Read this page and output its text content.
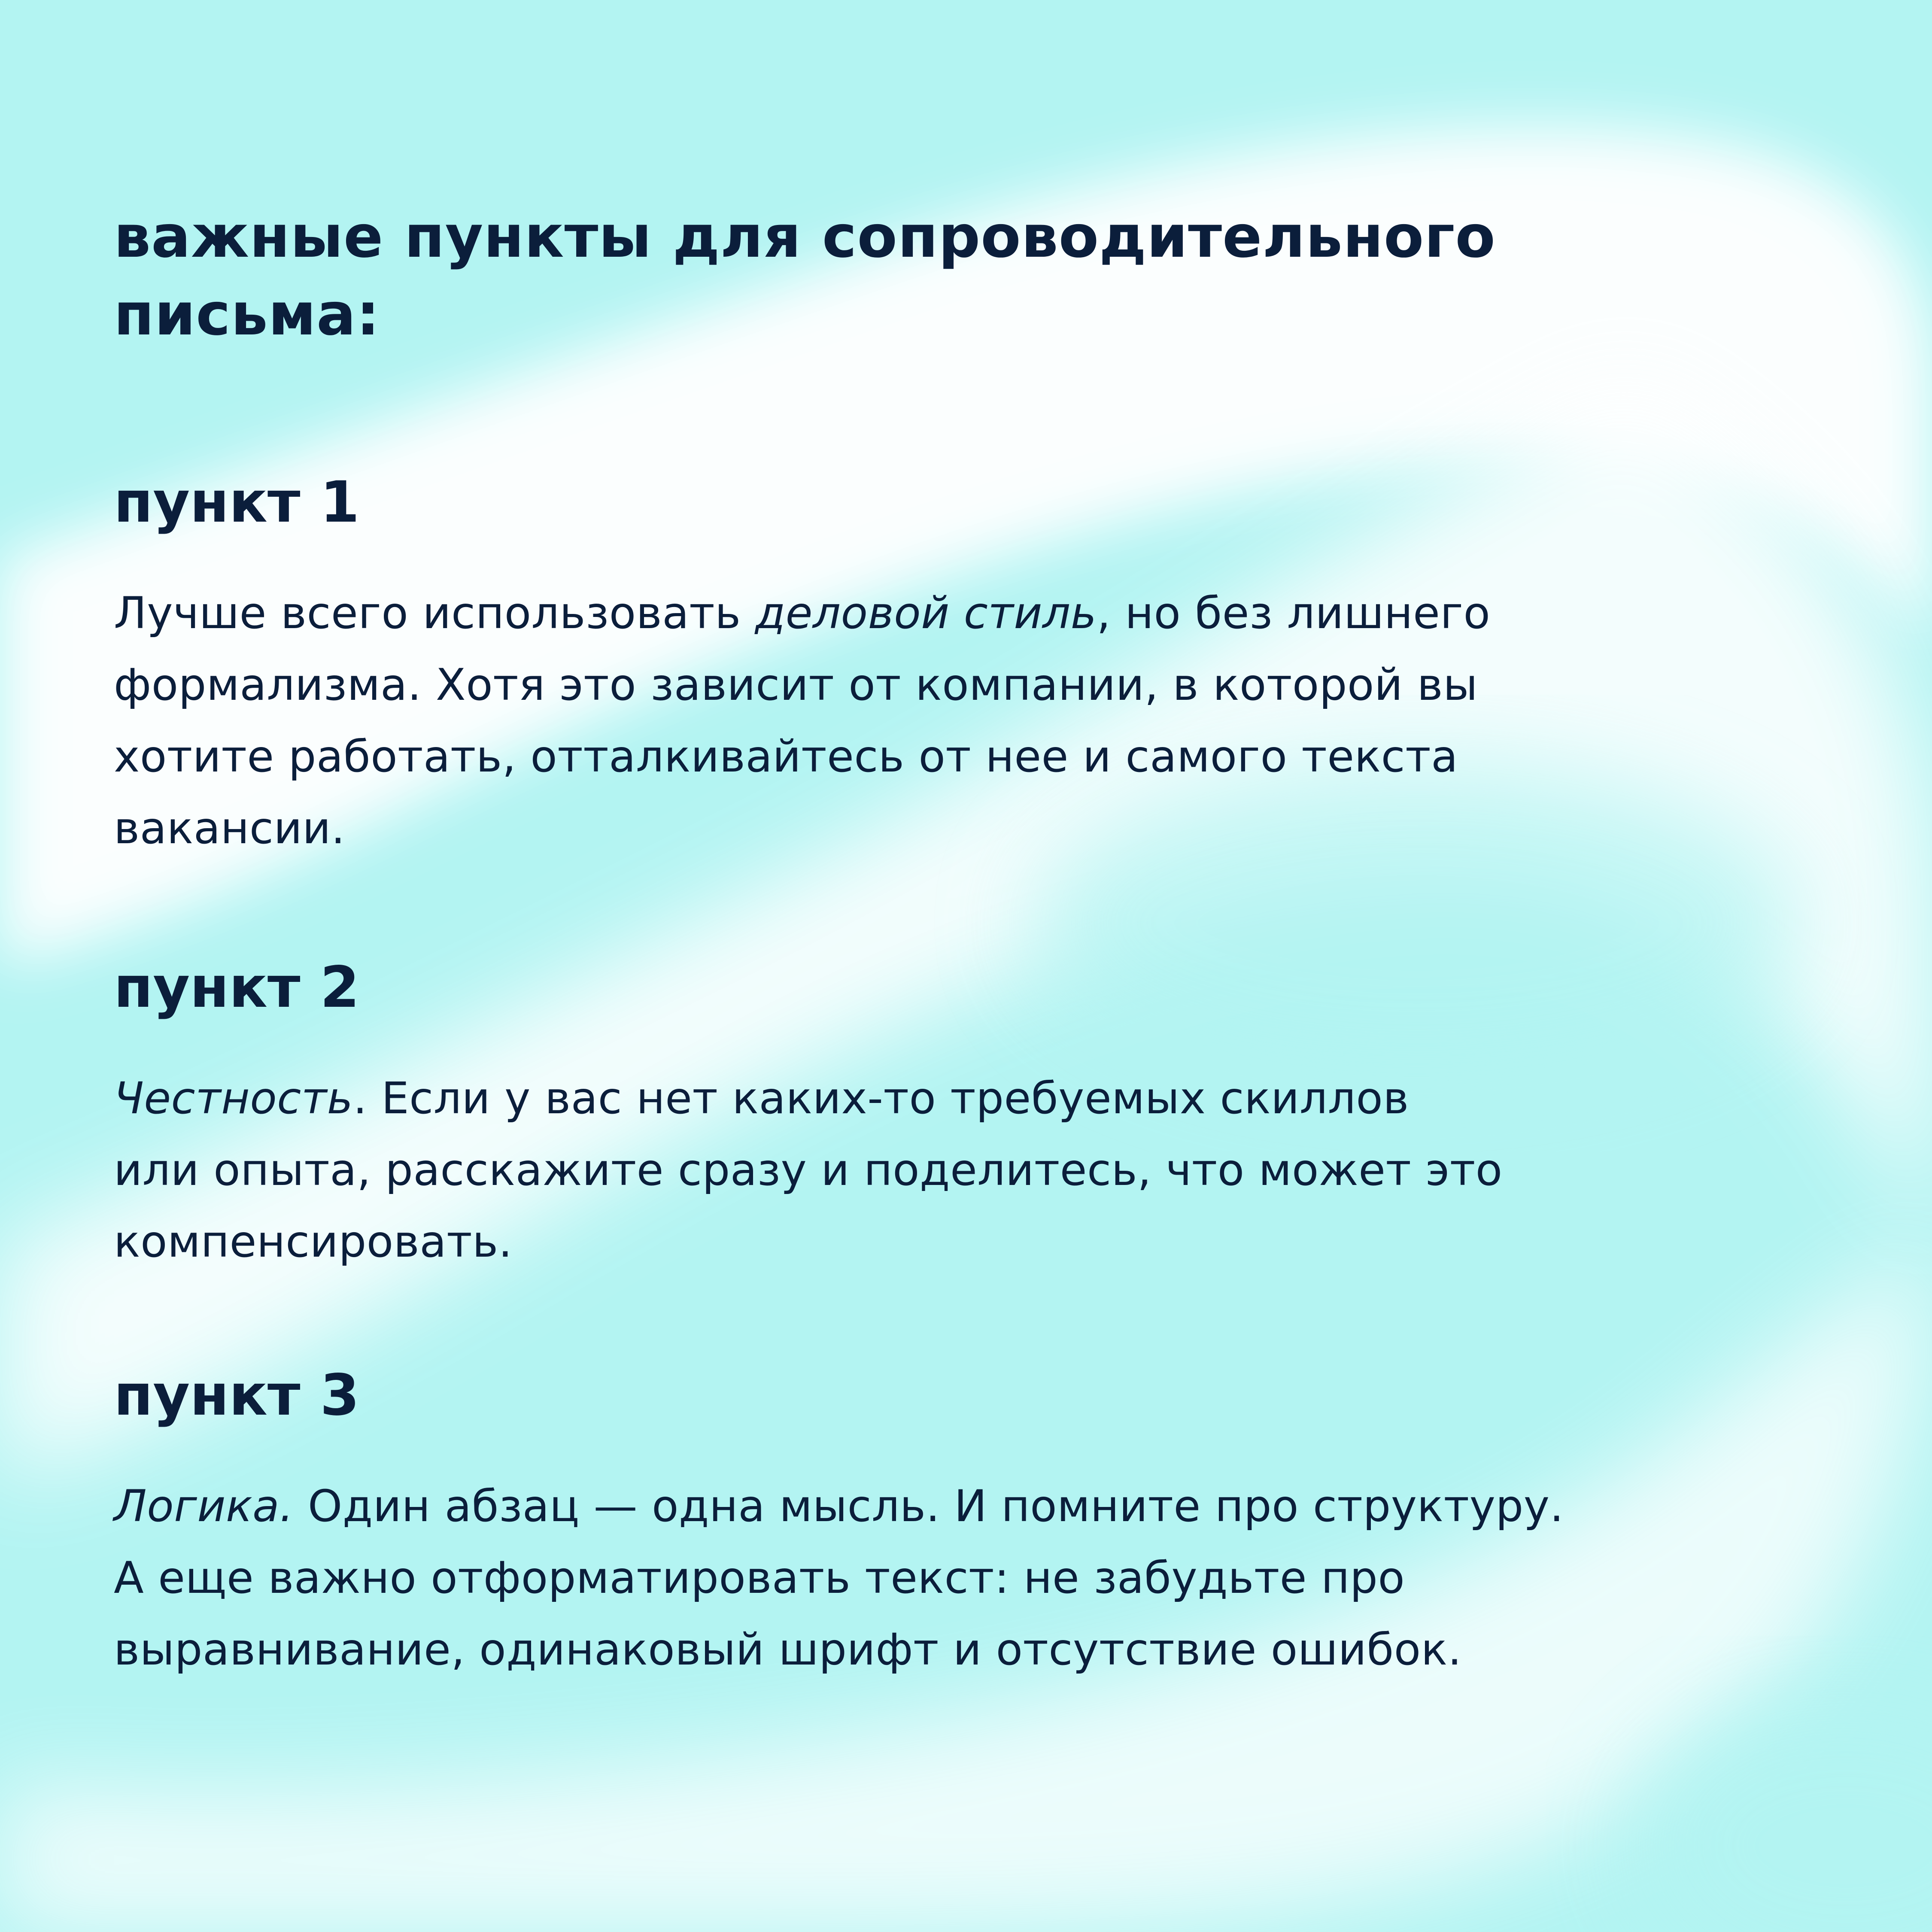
важные пункты для сопроводительного
письма:
пункт 1

Лучше всего использовать деловой стиль, но без лишнего
формализма. Хотя это зависит от компании, в которой вы
хотите работать, отталкивайтесь от нее и самого текста
вакансии.

пункт 2

Честность. Если у вас нет каких-то требуемых скиллов
или опыта, расскажите сразу и поделитесь, что может это
компенсировать.

пункт 3

Логика. Один абзац — одна мысль. И помните про структуру.
А еще важно отформатировать текст: не забудьте про
выравнивание, одинаковый шрифт и отсутствие ошибок.
